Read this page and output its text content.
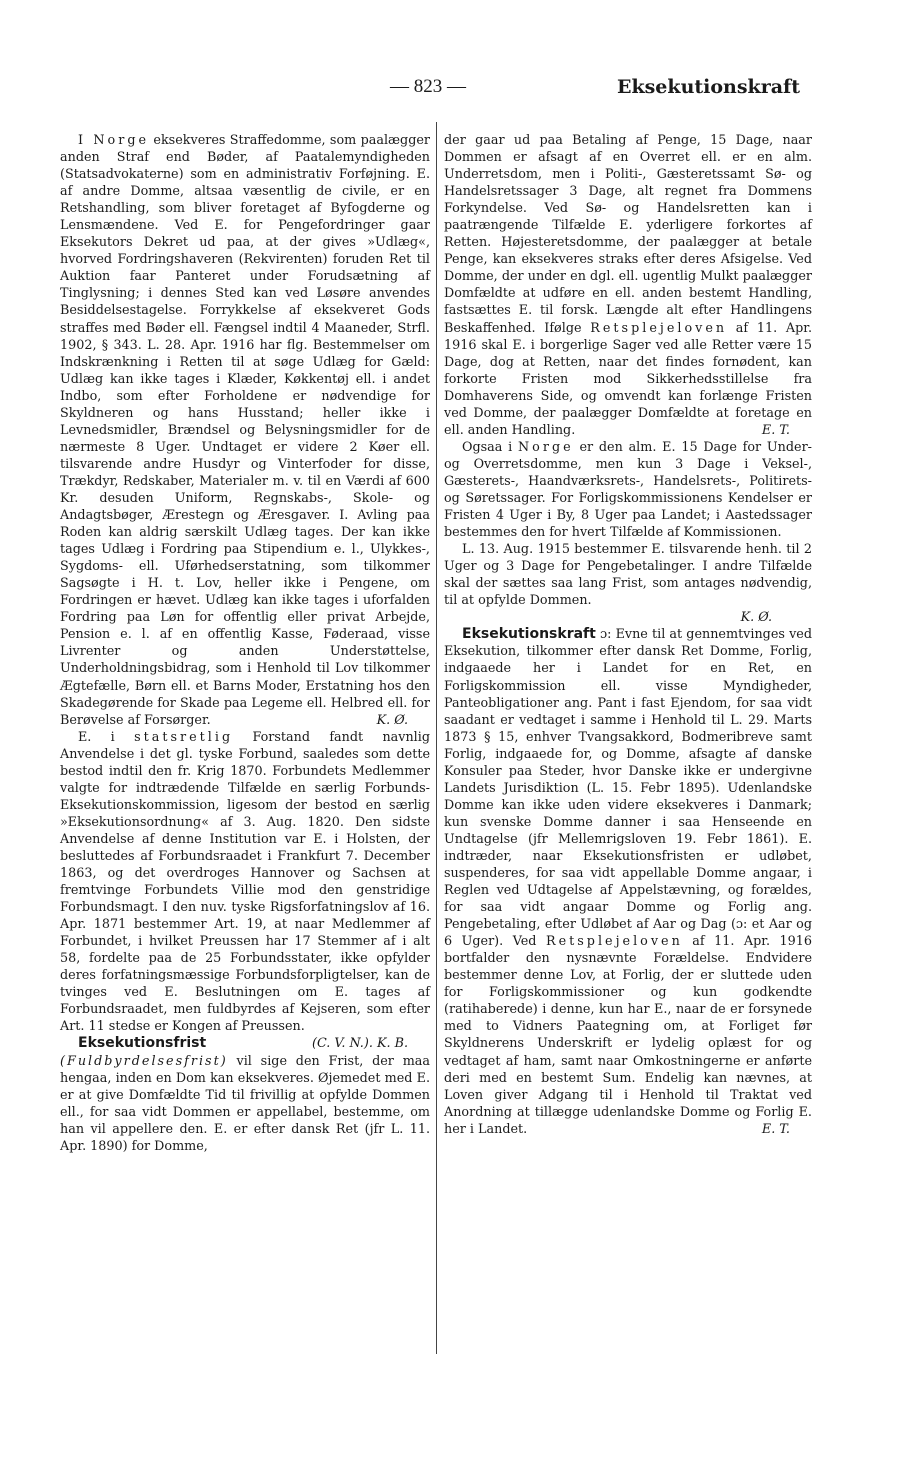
— 823 —	Eksekutionskraft

I Norge eksekveres Straffedomme, som paalægger anden Straf end Bøder, af Paatalemyndigheden (Statsadvokaterne) som en administrativ Forføjning. E. af andre Domme, altsaa væsentlig de civile, er en Retshandling, som bliver foretaget af Byfogderne og Lensmændene. Ved E. for Pengefordringer gaar Eksekutors Dekret ud paa, at der gives »Udlæg«, hvorved Fordringshaveren (Rekvirenten) foruden Ret til Auktion faar Panteret under Forudsætning af Tinglysning; i dennes Sted kan ved Løsøre anvendes Besiddelsestagelse. Forrykkelse af eksekveret Gods straffes med Bøder ell. Fængsel indtil 4 Maaneder, Strfl. 1902, § 343. L. 28. Apr. 1916 har flg. Bestemmelser om Indskrænkning i Retten til at søge Udlæg for Gæld: Udlæg kan ikke tages i Klæder, Køkkentøj ell. i andet Indbo, som efter Forholdene er nødvendige for Skyldneren og hans Husstand; heller ikke i Levnedsmidler, Brændsel og Belysningsmidler for de nærmeste 8 Uger. Undtaget er videre 2 Køer ell. tilsvarende andre Husdyr og Vinterfoder for disse, Trækdyr, Redskaber, Materialer m. v. til en Værdi af 600 Kr. desuden Uniform, Regnskabs-, Skole- og Andagtsbøger, Ærestegn og Æresgaver. I. Avling paa Roden kan aldrig særskilt Udlæg tages. Der kan ikke tages Udlæg i Fordring paa Stipendium e. l., Ulykkes-, Sygdoms- ell. Uførhedserstatning, som tilkommer Sagsøgte i H. t. Lov, heller ikke i Pengene, om Fordringen er hævet. Udlæg kan ikke tages i uforfalden Fordring paa Løn for offentlig eller privat Arbejde, Pension e. l. af en offentlig Kasse, Føderaad, visse Livrenter og anden Understøttelse, Underholdningsbidrag, som i Henhold til Lov tilkommer Ægtefælle, Børn ell. et Barns Moder, Erstatning hos den Skadegørende for Skade paa Legeme ell. Helbred ell. for Berøvelse af Forsørger.	K. Ø.

E. i statsretlig Forstand fandt navnlig Anvendelse i det gl. tyske Forbund, saaledes som dette bestod indtil den fr. Krig 1870. Forbundets Medlemmer valgte for indtrædende Tilfælde en særlig Forbunds-Eksekutionskommission, ligesom der bestod en særlig »Eksekutionsordnung« af 3. Aug. 1820. Den sidste Anvendelse af denne Institution var E. i Holsten, der besluttedes af Forbundsraadet i Frankfurt 7. December 1863, og det overdroges Hannover og Sachsen at fremtvinge Forbundets Villie mod den genstridige Forbundsmagt. I den nuv. tyske Rigsforfatningslov af 16. Apr. 1871 bestemmer Art. 19, at naar Medlemmer af Forbundet, i hvilket Preussen har 17 Stemmer af i alt 58, fordelte paa de 25 Forbundsstater, ikke opfylder deres forfatningsmæssige Forbundsforpligtelser, kan de tvinges ved E. Beslutningen om E. tages af Forbundsraadet, men fuldbyrdes af Kejseren, som efter Art. 11 stedse er Kongen af Preussen.
(C. V. N.). K. B.

Eksekutionsfrist (Fuldbyrdelsesfrist) vil sige den Frist, der maa hengaa, inden en Dom kan eksekveres. Øjemedet med E. er at give Domfældte Tid til frivillig at opfylde Dommen ell., for saa vidt Dommen er appellabel, bestemme, om han vil appellere den. E. er efter dansk Ret (jfr L. 11. Apr. 1890) for Domme,

der gaar ud paa Betaling af Penge, 15 Dage, naar Dommen er afsagt af en Overret ell. er en alm. Underretsdom, men i Politi-, Gæsteretssamt Sø- og Handelsretssager 3 Dage, alt regnet fra Dommens Forkyndelse. Ved Sø- og Handelsretten kan i paatrængende Tilfælde E. yderligere forkortes af Retten. Højesteretsdomme, der paalægger at betale Penge, kan eksekveres straks efter deres Afsigelse. Ved Domme, der under en dgl. ell. ugentlig Mulkt paalægger Domfældte at udføre en ell. anden bestemt Handling, fastsættes E. til forsk. Længde alt efter Handlingens Beskaffenhed. Ifølge Retsplejeloven af 11. Apr. 1916 skal E. i borgerlige Sager ved alle Retter være 15 Dage, dog at Retten, naar det findes fornødent, kan forkorte Fristen mod Sikkerhedsstillelse fra Domhaverens Side, og omvendt kan forlænge Fristen ved Domme, der paalægger Domfældte at foretage en ell. anden Handling.	E. T.

Ogsaa i Norge er den alm. E. 15 Dage for Under- og Overretsdomme, men kun 3 Dage i Veksel-, Gæsterets-, Haandværksrets-, Handelsrets-, Politirets- og Søretssager. For Forligskommissionens Kendelser er Fristen 4 Uger i By, 8 Uger paa Landet; i Aastedssager bestemmes den for hvert Tilfælde af Kommissionen.

L. 13. Aug. 1915 bestemmer E. tilsvarende henh. til 2 Uger og 3 Dage for Pengebetalinger. I andre Tilfælde skal der sættes saa lang Frist, som antages nødvendig, til at opfylde Dommen.
K. Ø.

Eksekutionskraft ɔ: Evne til at gennemtvinges ved Eksekution, tilkommer efter dansk Ret Domme, Forlig, indgaaede her i Landet for en Ret, en Forligskommission ell. visse Myndigheder, Panteobligationer ang. Pant i fast Ejendom, for saa vidt saadant er vedtaget i samme i Henhold til L. 29. Marts 1873 § 15, enhver Tvangsakkord, Bodmeribreve samt Forlig, indgaaede for, og Domme, afsagte af danske Konsuler paa Steder, hvor Danske ikke er undergivne Landets Jurisdiktion (L. 15. Febr 1895). Udenlandske Domme kan ikke uden videre eksekveres i Danmark; kun svenske Domme danner i saa Henseende en Undtagelse (jfr Mellemrigsloven 19. Febr 1861). E. indtræder, naar Eksekutionsfristen er udløbet, suspenderes, for saa vidt appellable Domme angaar, i Reglen ved Udtagelse af Appelstævning, og forældes, for saa vidt angaar Domme og Forlig ang. Pengebetaling, efter Udløbet af Aar og Dag (ɔ: et Aar og 6 Uger). Ved Retsplejeloven af 11. Apr. 1916 bortfalder den nysnævnte Forældelse. Endvidere bestemmer denne Lov, at Forlig, der er sluttede uden for Forligskommissioner og kun godkendte (ratihaberede) i denne, kun har E., naar de er forsynede med to Vidners Paategning om, at Forliget før Skyldnerens Underskrift er lydelig oplæst for og vedtaget af ham, samt naar Omkostningerne er anførte deri med en bestemt Sum. Endelig kan nævnes, at Loven giver Adgang til i Henhold til Traktat ved Anordning at tillægge udenlandske Domme og Forlig E. her i Landet.	E. T.
